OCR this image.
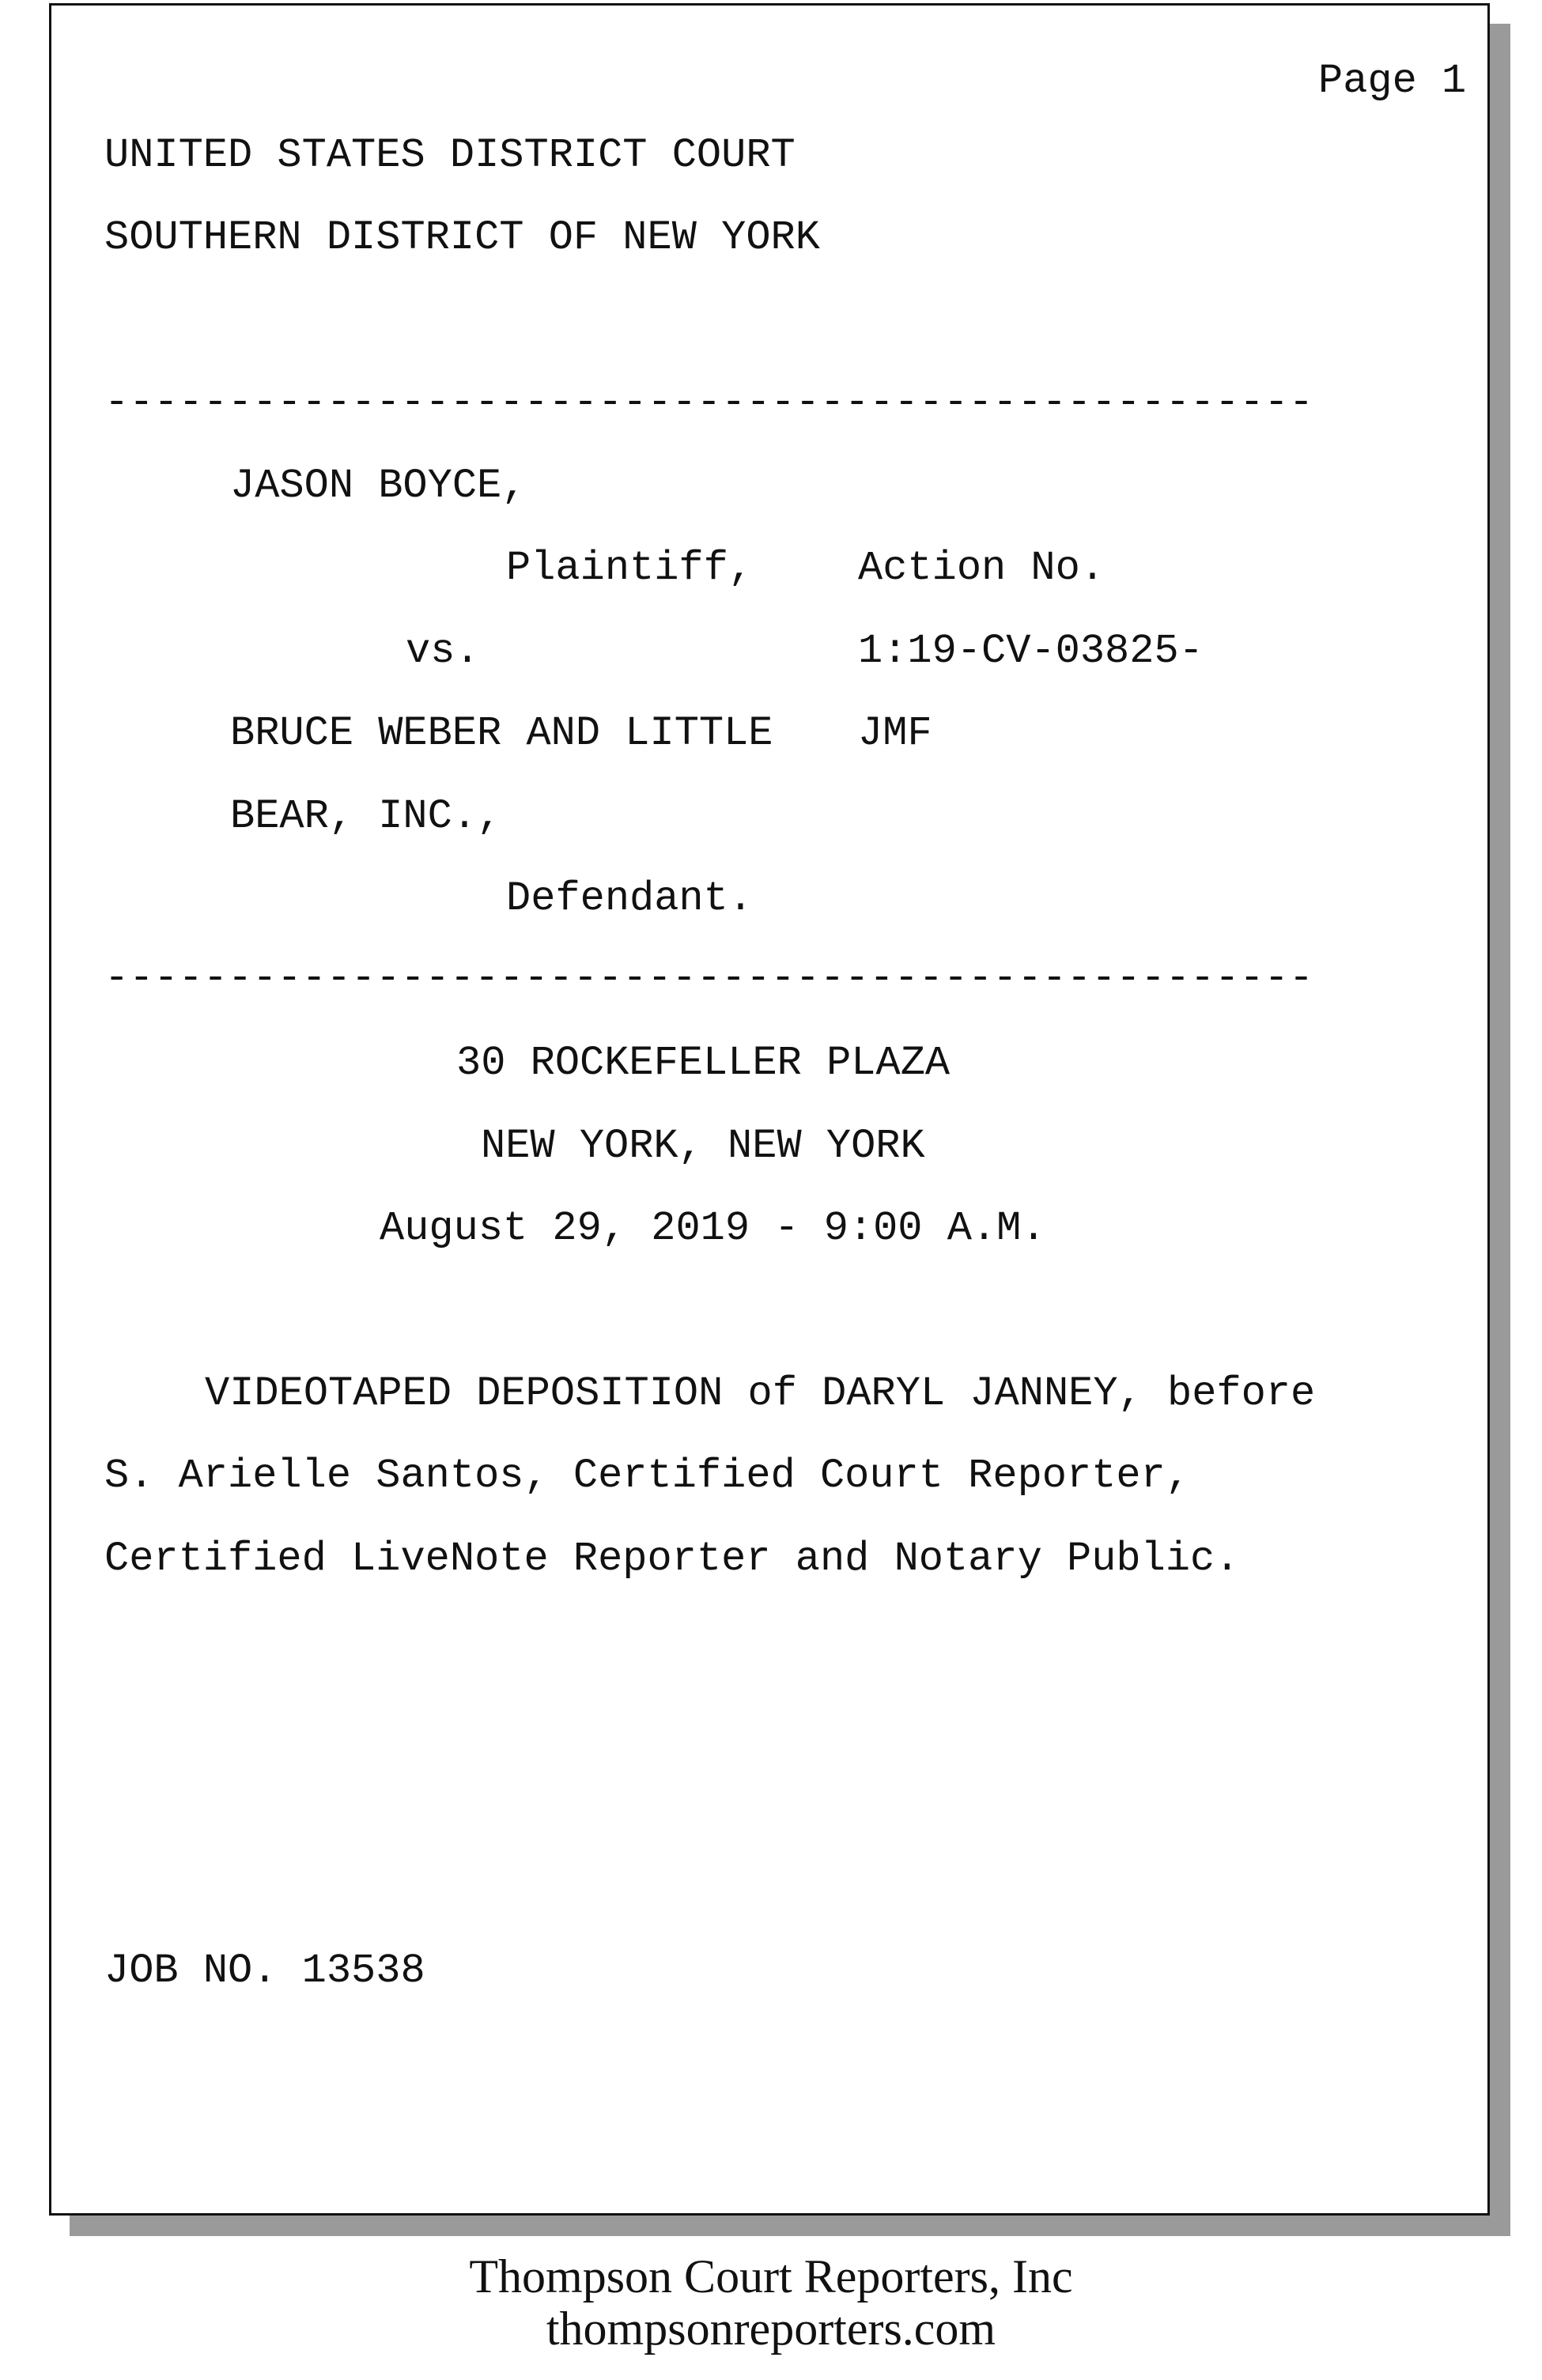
Page 1
UNITED STATES DISTRICT COURT
SOUTHERN DISTRICT OF NEW YORK
-------------------------------------------------
JASON BOYCE,
Plaintiff,
vs.
BRUCE WEBER AND LITTLE
BEAR, INC.,
Defendant.
Action No.
1:19-CV-03825-
JMF
-------------------------------------------------
30 ROCKEFELLER PLAZA
NEW YORK, NEW YORK
August 29, 2019 - 9:00 A.M.
VIDEOTAPED DEPOSITION of DARYL JANNEY, before
S. Arielle Santos, Certified Court Reporter,
Certified LiveNote Reporter and Notary Public.
JOB NO. 13538
Thompson Court Reporters, Inc
thompsonreporters.com
